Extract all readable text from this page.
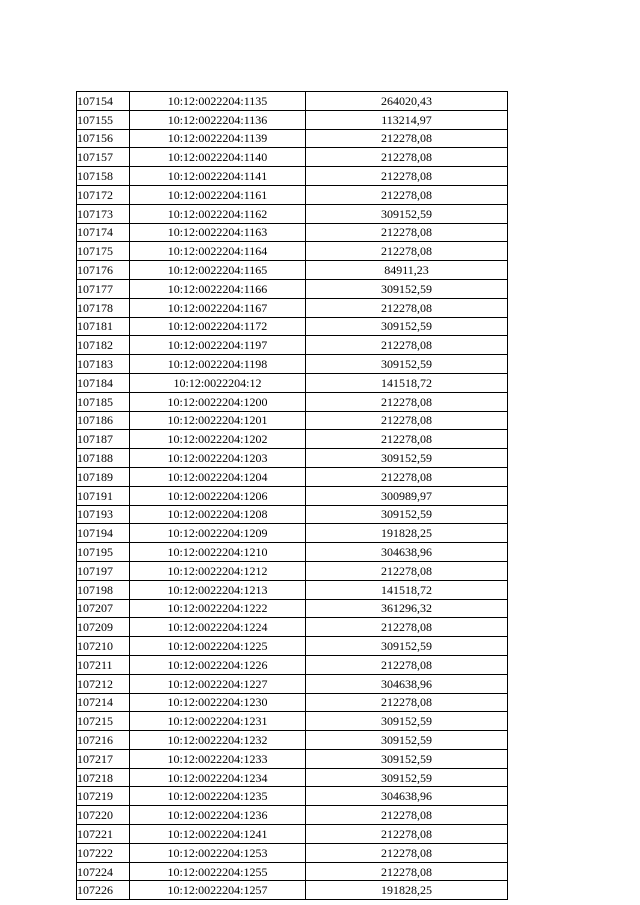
107154	10:12:0022204:1135	264020,43
107155	10:12:0022204:1136	113214,97
107156	10:12:0022204:1139	212278,08
107157	10:12:0022204:1140	212278,08
107158	10:12:0022204:1141	212278,08
107172	10:12:0022204:1161	212278,08
107173	10:12:0022204:1162	309152,59
107174	10:12:0022204:1163	212278,08
107175	10:12:0022204:1164	212278,08
107176	10:12:0022204:1165	84911,23
107177	10:12:0022204:1166	309152,59
107178	10:12:0022204:1167	212278,08
107181	10:12:0022204:1172	309152,59
107182	10:12:0022204:1197	212278,08
107183	10:12:0022204:1198	309152,59
107184	10:12:0022204:12	141518,72
107185	10:12:0022204:1200	212278,08
107186	10:12:0022204:1201	212278,08
107187	10:12:0022204:1202	212278,08
107188	10:12:0022204:1203	309152,59
107189	10:12:0022204:1204	212278,08
107191	10:12:0022204:1206	300989,97
107193	10:12:0022204:1208	309152,59
107194	10:12:0022204:1209	191828,25
107195	10:12:0022204:1210	304638,96
107197	10:12:0022204:1212	212278,08
107198	10:12:0022204:1213	141518,72
107207	10:12:0022204:1222	361296,32
107209	10:12:0022204:1224	212278,08
107210	10:12:0022204:1225	309152,59
107211	10:12:0022204:1226	212278,08
107212	10:12:0022204:1227	304638,96
107214	10:12:0022204:1230	212278,08
107215	10:12:0022204:1231	309152,59
107216	10:12:0022204:1232	309152,59
107217	10:12:0022204:1233	309152,59
107218	10:12:0022204:1234	309152,59
107219	10:12:0022204:1235	304638,96
107220	10:12:0022204:1236	212278,08
107221	10:12:0022204:1241	212278,08
107222	10:12:0022204:1253	212278,08
107224	10:12:0022204:1255	212278,08
107226	10:12:0022204:1257	191828,25
